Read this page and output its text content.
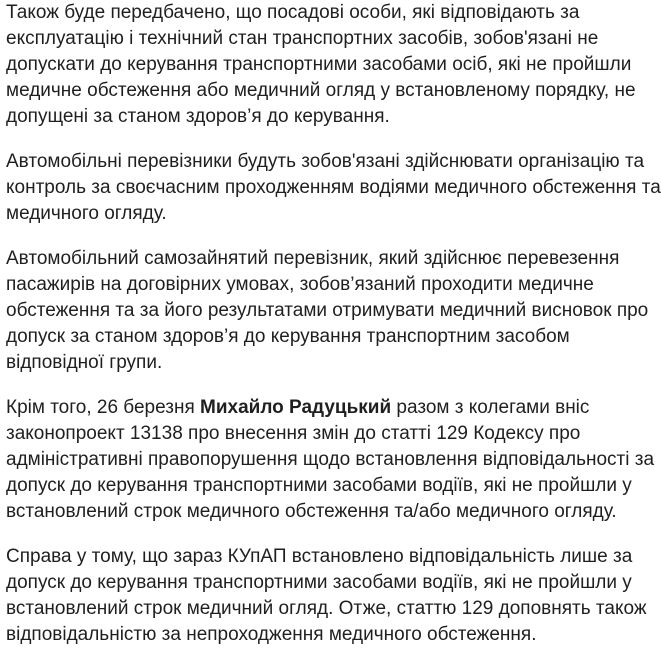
Також буде передбачено, що посадові особи, які відповідають за
експлуатацію і технічний стан транспортних засобів, зобов'язані не
допускати до керування транспортними засобами осіб, які не пройшли
медичне обстеження або медичний огляд у встановленому порядку, не
допущені за станом здоров’я до керування.
Автомобільні перевізники будуть зобов'язані здійснювати організацію та
контроль за своєчасним проходженням водіями медичного обстеження та
медичного огляду.
Автомобільний самозайнятий перевізник, який здійснює перевезення
пасажирів на договірних умовах, зобов’язаний проходити медичне
обстеження та за його результатами отримувати медичний висновок про
допуск за станом здоров’я до керування транспортним засобом
відповідної групи.
Крім того, 26 березня Михайло Радуцький разом з колегами вніс
законопроект 13138 про внесення змін до статті 129 Кодексу про
адміністративні правопорушення щодо встановлення відповідальності за
допуск до керування транспортними засобами водіїв, які не пройшли у
встановлений строк медичного обстеження та/або медичного огляду.
Справа у тому, що зараз КУпАП встановлено відповідальність лише за
допуск до керування транспортними засобами водіїв, які не пройшли у
встановлений строк медичний огляд. Отже, статтю 129 доповнять також
відповідальністю за непроходження медичного обстеження.
